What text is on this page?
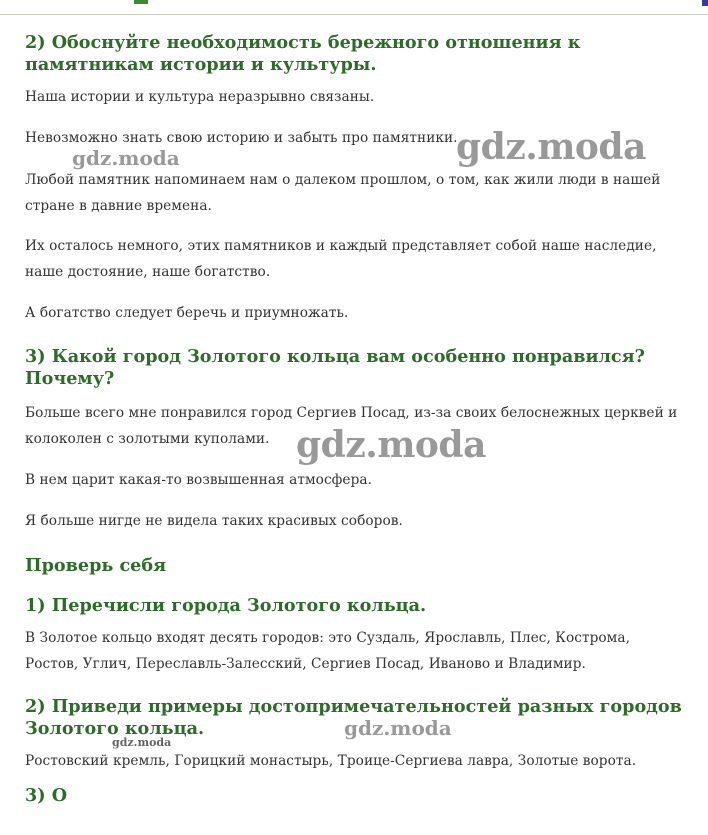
2) Обоснуйте необходимость бережного отношения к памятникам истории и культуры.

Наша истории и культура неразрывно связаны.

Невозможно знать свою историю и забыть про памятники.

Любой памятник напоминаем нам о далеком прошлом, о том, как жили люди в нашей стране в давние времена.

Их осталось немного, этих памятников и каждый представляет собой наше наследие, наше достояние, наше богатство.

А богатство следует беречь и приумножать.

3) Какой город Золотого кольца вам особенно понравился? Почему?

Больше всего мне понравился город Сергиев Посад, из-за своих белоснежных церквей и колоколен с золотыми куполами.

В нем царит какая-то возвышенная атмосфера.

Я больше нигде не видела таких красивых соборов.

Проверь себя
1) Перечисли города Золотого кольца.

В Золотое кольцо входят десять городов: это Суздаль, Ярославль, Плес, Кострома, Ростов, Углич, Переславль-Залесский, Сергиев Посад, Иваново и Владимир.

2) Приведи примеры достопримечательностей разных городов Золотого кольца.

Ростовский кремль, Горицкий монастырь, Троице-Сергиева лавра, Золотые ворота.

3) О
gdz.moda	gdz.moda
gdz.moda
gdz.moda
gdz.moda
